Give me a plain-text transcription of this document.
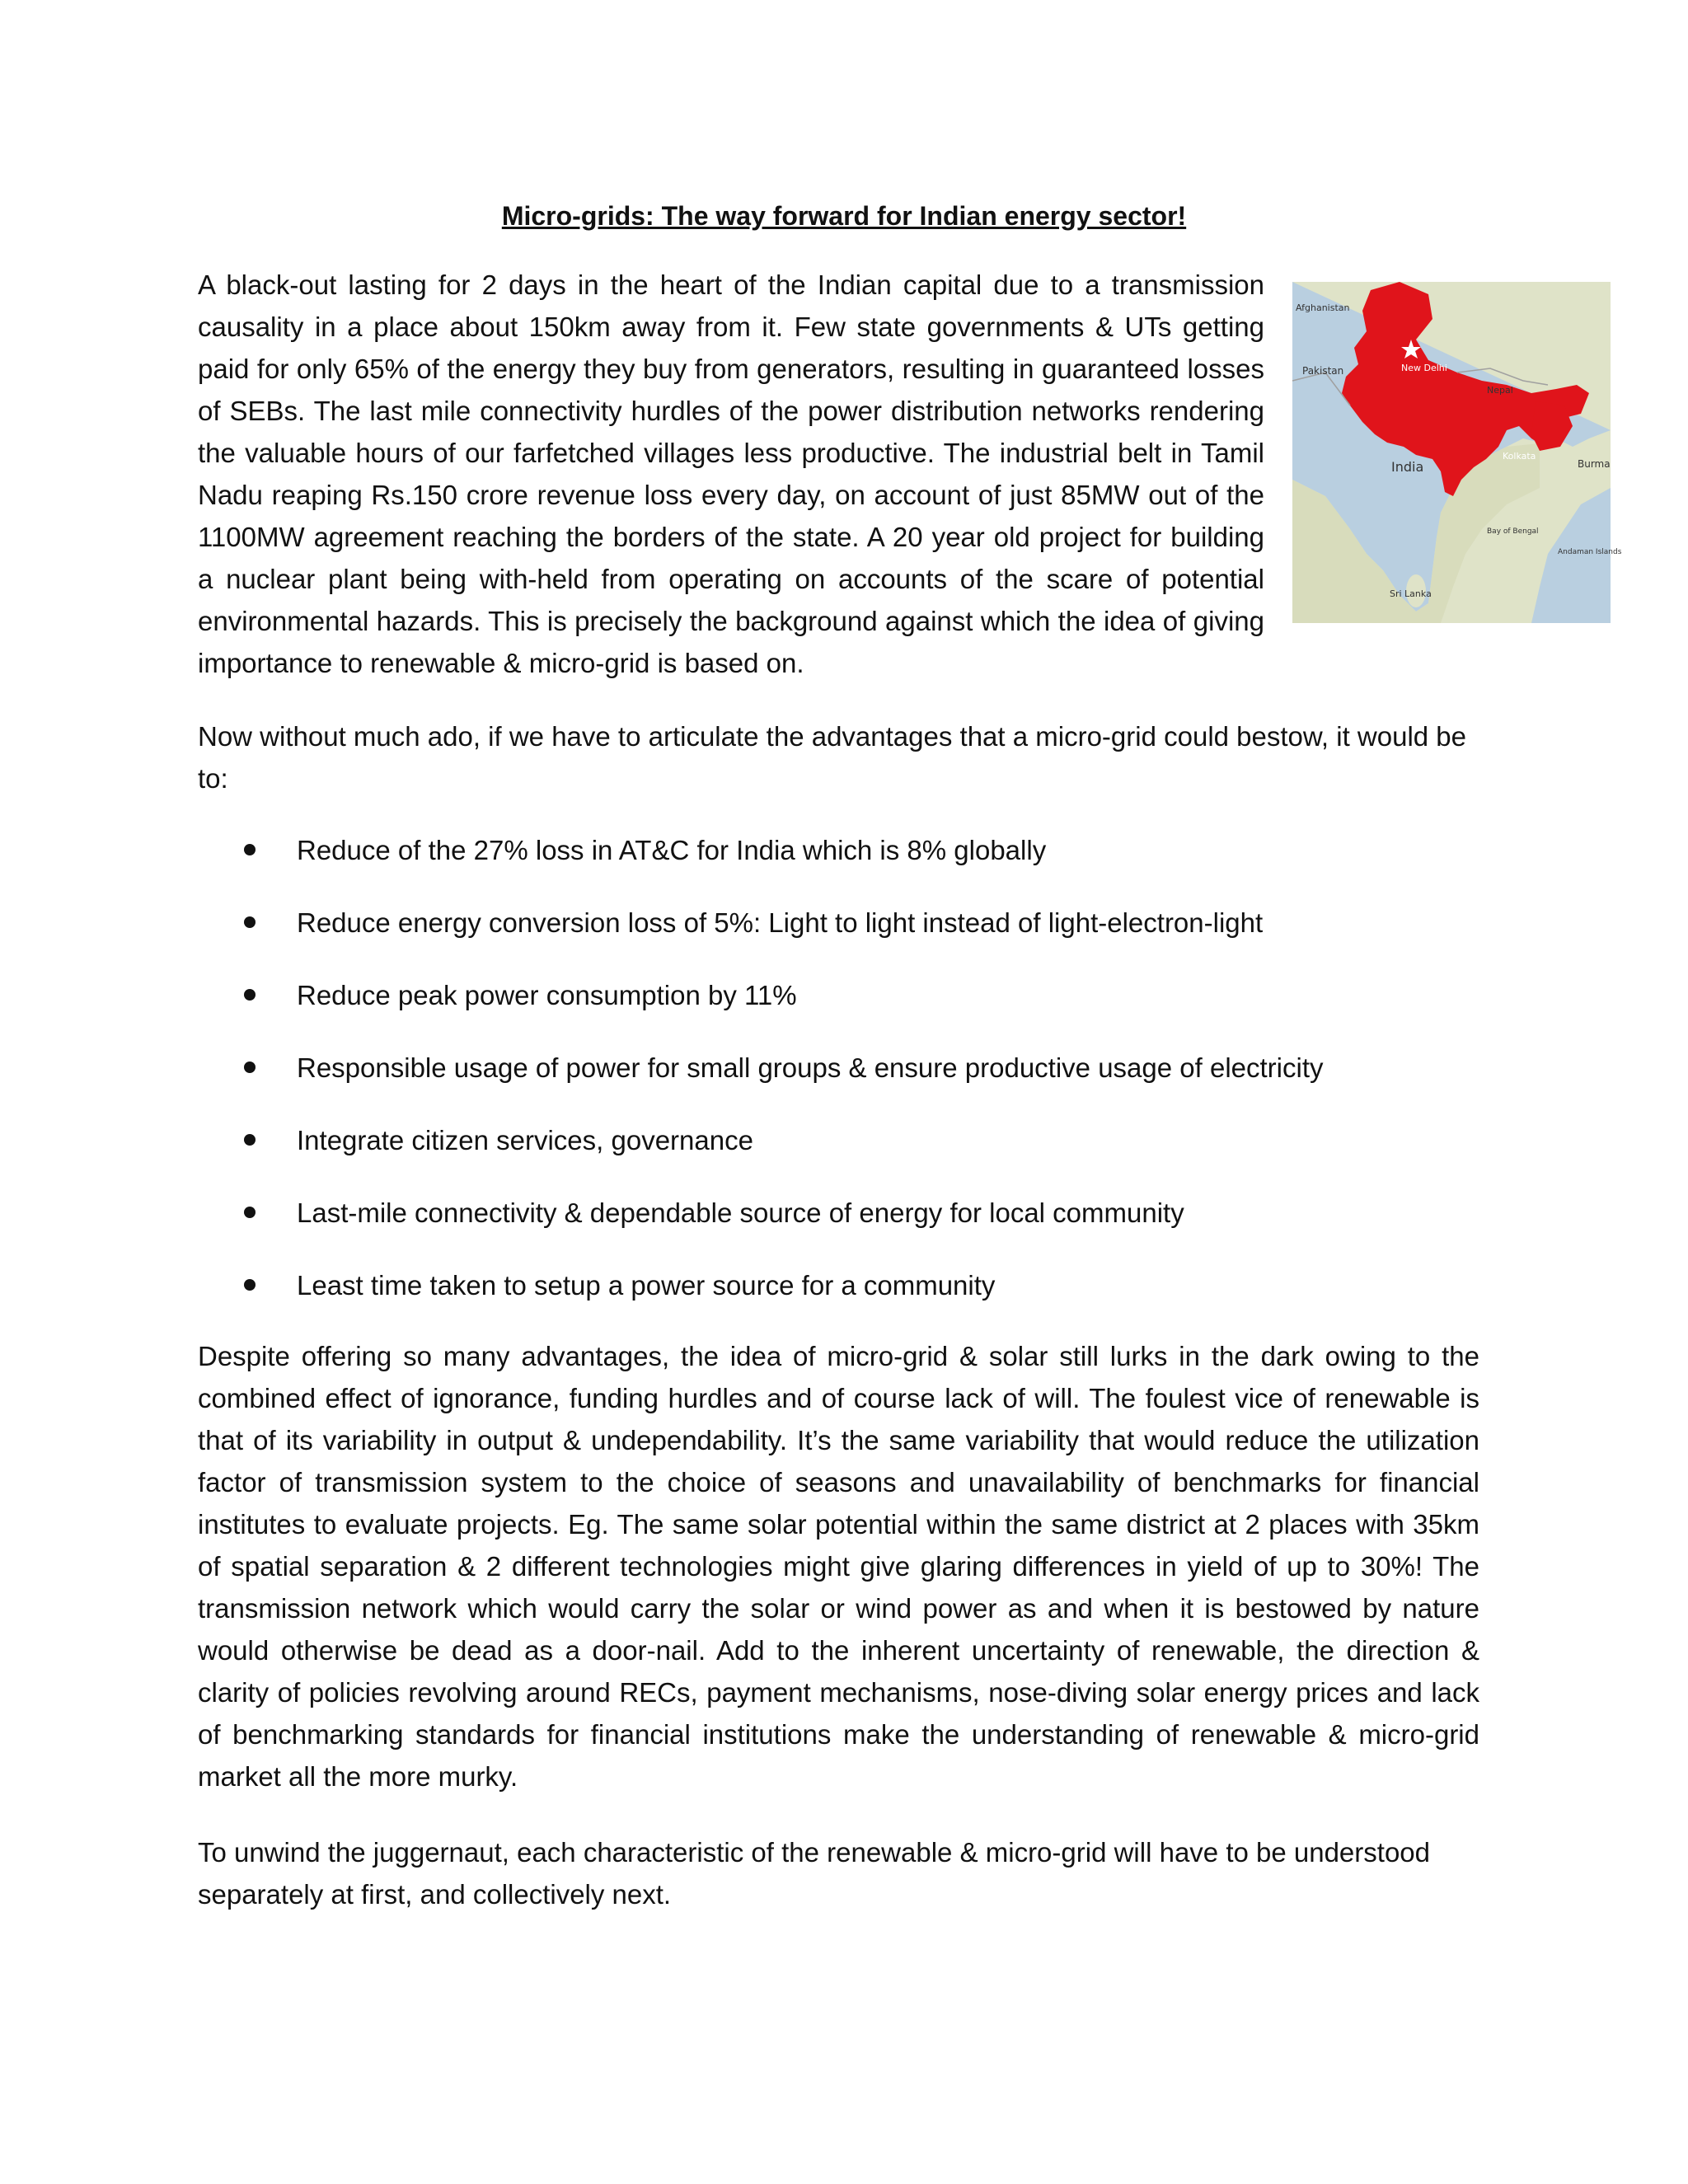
Micro-grids: The way forward for Indian energy sector!

A black-out lasting for 2 days in the heart of the Indian capital due to a transmission causality in a place about 150km away from it. Few state governments & UTs getting paid for only 65% of the energy they buy from generators, resulting in guaranteed losses of SEBs. The last mile connectivity hurdles of the power distribution networks rendering the valuable hours of our farfetched villages less productive. The industrial belt in Tamil Nadu reaping Rs.150 crore revenue loss every day, on account of just 85MW out of the 1100MW agreement reaching the borders of the state. A 20 year old project for building a nuclear plant being with-held from operating on accounts of the scare of potential environmental hazards. This is precisely the background against which the idea of giving importance to renewable & micro-grid is based on.

Afghanistan
Pakistan	New Delhi
Nepal
India
Kolkata
Burma
Bay of Bengal
Andaman Islands
Sri Lanka

Now without much ado, if we have to articulate the advantages that a micro-grid could bestow, it would be to:

Reduce of the 27% loss in AT&C for India which is 8% globally
Reduce energy conversion loss of 5%: Light to light instead of light-electron-light
Reduce peak power consumption by 11%
Responsible usage of power for small groups & ensure productive usage of electricity
Integrate citizen services, governance
Last-mile connectivity & dependable source of energy for local community
Least time taken to setup a power source for a community

Despite offering so many advantages, the idea of micro-grid & solar still lurks in the dark owing to the combined effect of ignorance, funding hurdles and of course lack of will. The foulest vice of renewable is that of its variability in output & undependability. It’s the same variability that would reduce the utilization factor of transmission system to the choice of seasons and unavailability of benchmarks for financial institutes to evaluate projects. Eg. The same solar potential within the same district at 2 places with 35km of spatial separation & 2 different technologies might give glaring differences in yield of up to 30%! The transmission network which would carry the solar or wind power as and when it is bestowed by nature would otherwise be dead as a door-nail. Add to the inherent uncertainty of renewable, the direction & clarity of policies revolving around RECs, payment mechanisms, nose-diving solar energy prices and lack of benchmarking standards for financial institutions make the understanding of renewable & micro-grid market all the more murky.

To unwind the juggernaut, each characteristic of the renewable & micro-grid will have to be understood separately at first, and collectively next.
